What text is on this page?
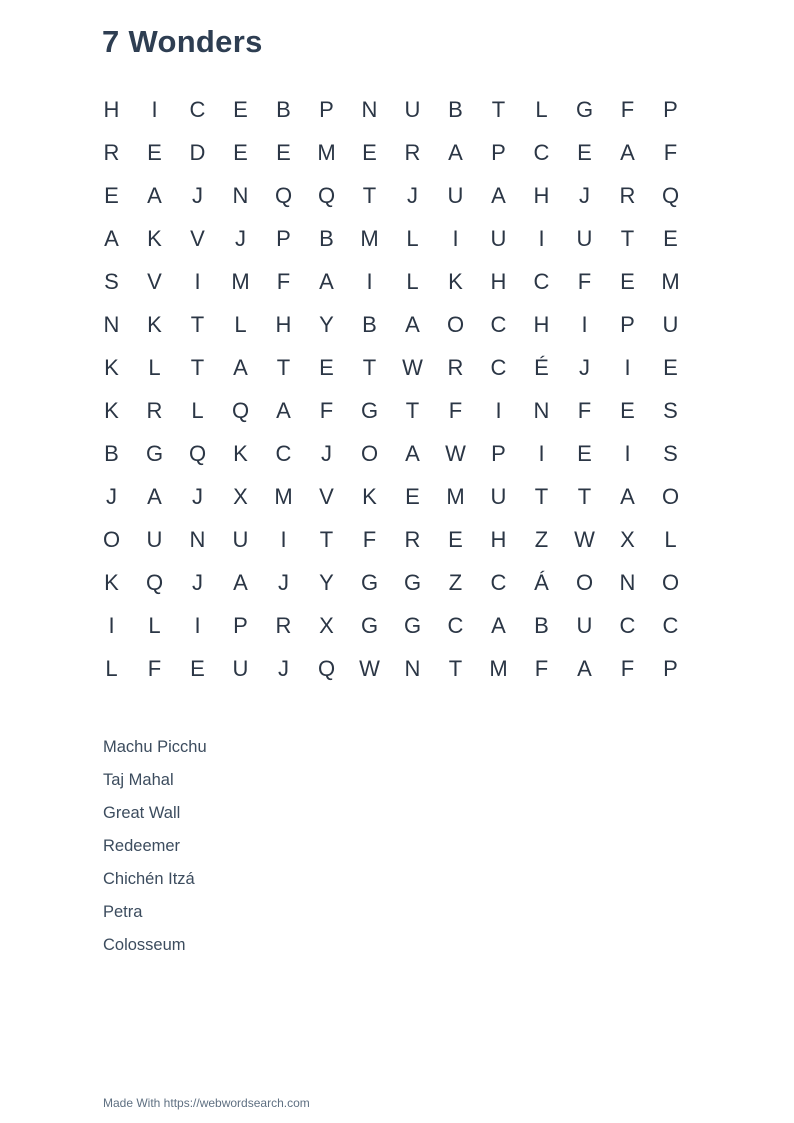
7 Wonders
H	I	C	E	B	P	N	U	B	T	L	G	F	P
R	E	D	E	E	M	E	R	A	P	C	E	A	F
E	A	J	N	Q	Q	T	J	U	A	H	J	R	Q
A	K	V	J	P	B	M	L	I	U	I	U	T	E
S	V	I	M	F	A	I	L	K	H	C	F	E	M
N	K	T	L	H	Y	B	A	O	C	H	I	P	U
K	L	T	A	T	E	T	W	R	C	É	J	I	E
K	R	L	Q	A	F	G	T	F	I	N	F	E	S
B	G	Q	K	C	J	O	A	W	P	I	E	I	S
J	A	J	X	M	V	K	E	M	U	T	T	A	O
O	U	N	U	I	T	F	R	E	H	Z	W	X	L
K	Q	J	A	J	Y	G	G	Z	C	Á	O	N	O
I	L	I	P	R	X	G	G	C	A	B	U	C	C
L	F	E	U	J	Q	W	N	T	M	F	A	F	P
Machu Picchu
Taj Mahal
Great Wall
Redeemer
Chichén Itzá
Petra
Colosseum
Made With https://webwordsearch.com
